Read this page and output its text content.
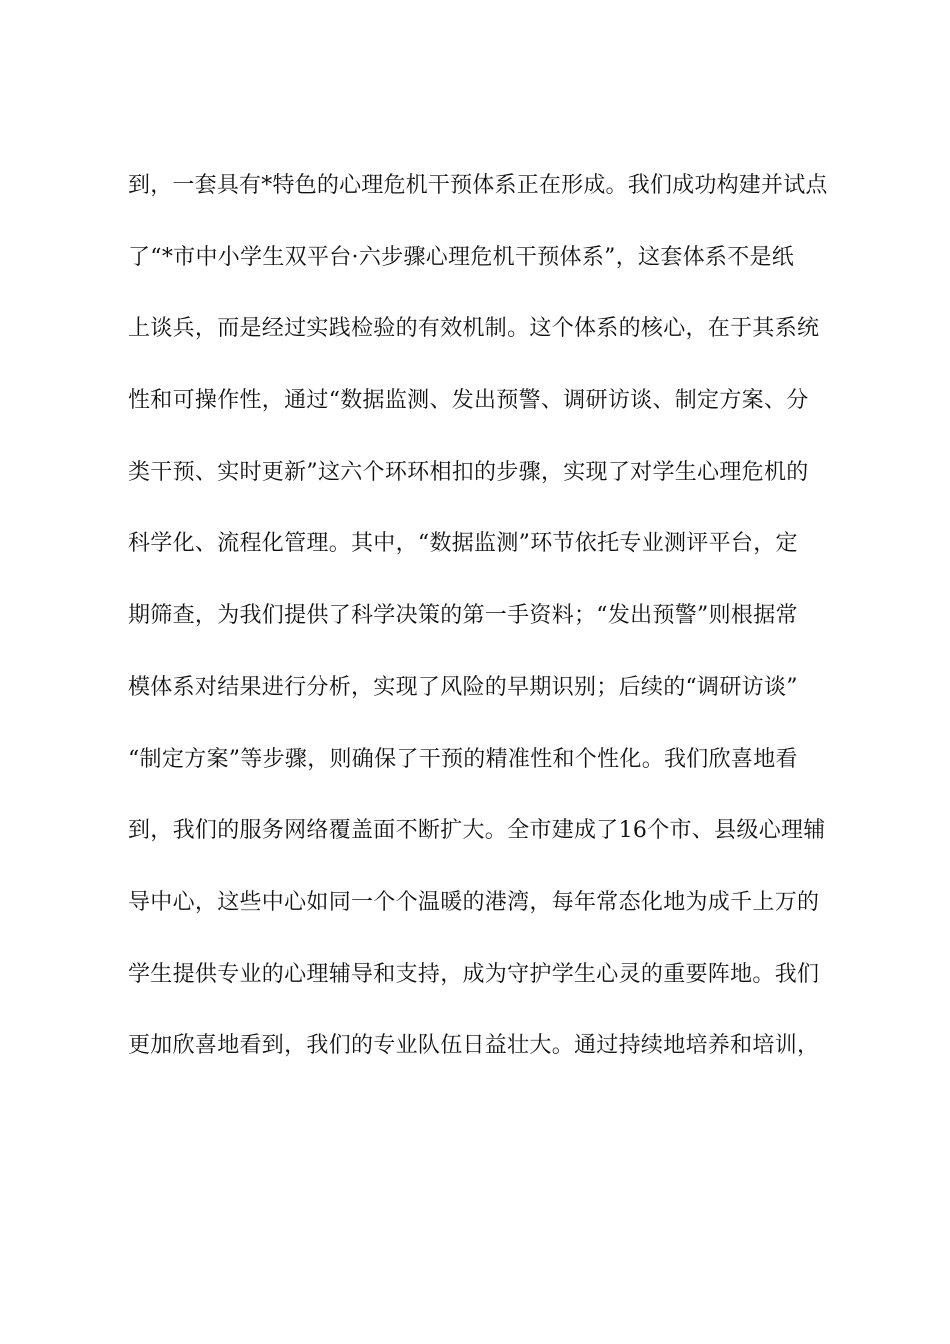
到，一套具有*特色的心理危机干预体系正在形成。我们成功构建并试点
了“*市中小学生双平台·六步骤心理危机干预体系”，这套体系不是纸
上谈兵，而是经过实践检验的有效机制。这个体系的核心，在于其系统
性和可操作性，通过“数据监测、发出预警、调研访谈、制定方案、分
类干预、实时更新”这六个环环相扣的步骤，实现了对学生心理危机的
科学化、流程化管理。其中，“数据监测”环节依托专业测评平台，定
期筛查，为我们提供了科学决策的第一手资料；“发出预警”则根据常
模体系对结果进行分析，实现了风险的早期识别；后续的“调研访谈”
“制定方案”等步骤，则确保了干预的精准性和个性化。我们欣喜地看
到，我们的服务网络覆盖面不断扩大。全市建成了16个市、县级心理辅
导中心，这些中心如同一个个温暖的港湾，每年常态化地为成千上万的
学生提供专业的心理辅导和支持，成为守护学生心灵的重要阵地。我们
更加欣喜地看到，我们的专业队伍日益壮大。通过持续地培养和培训，
